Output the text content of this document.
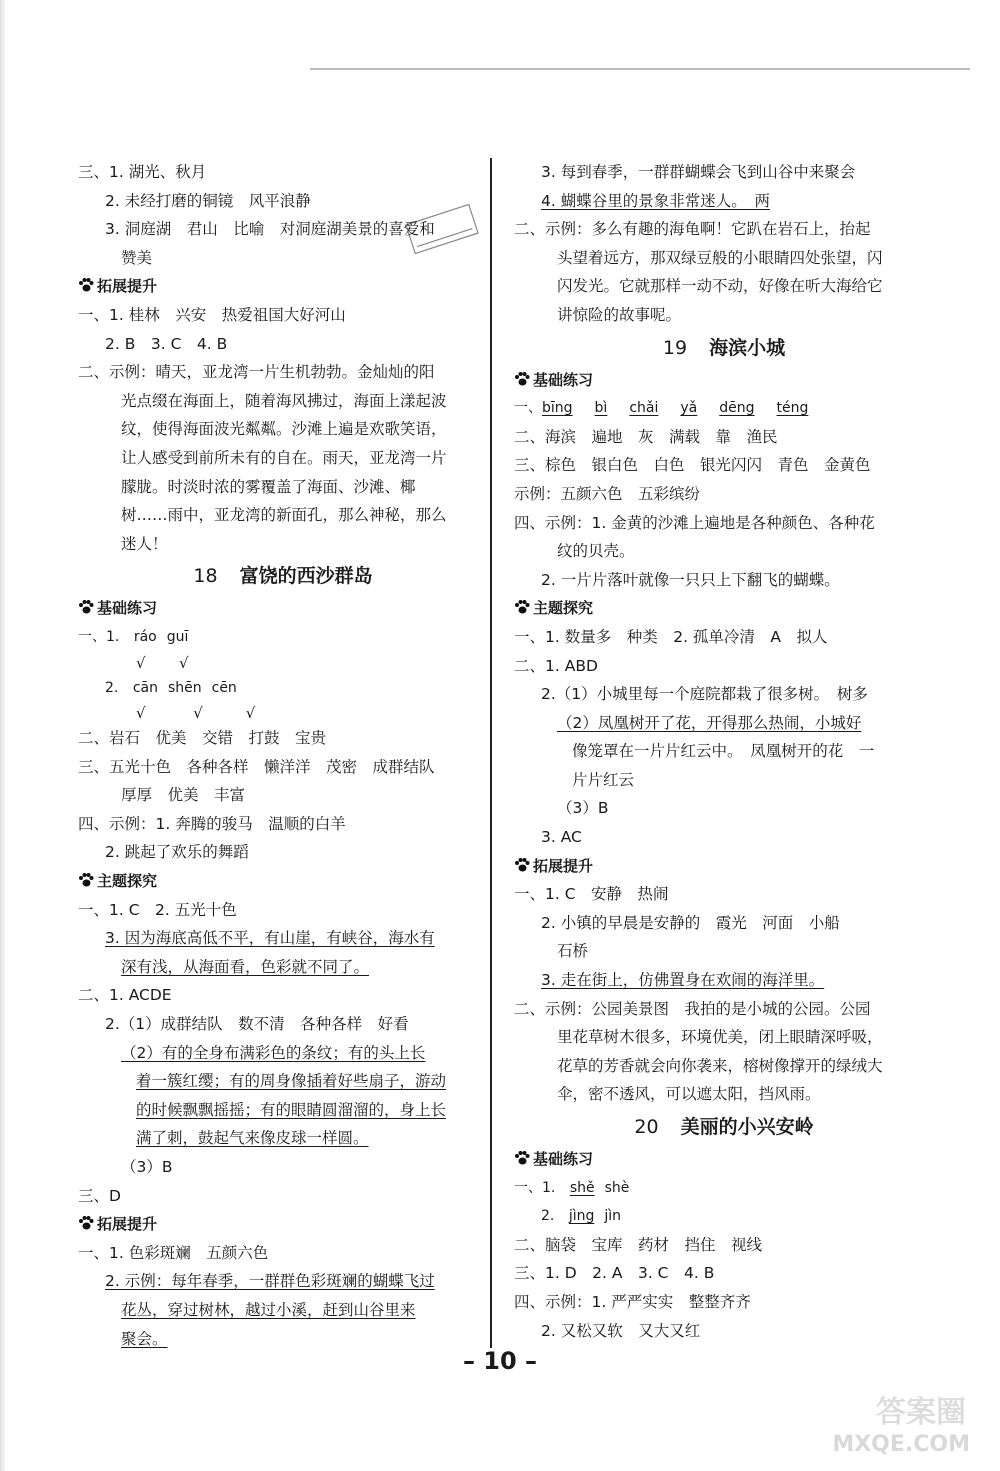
三、1. 湖光、秋月
2. 未经打磨的铜镜　风平浪静
3. 洞庭湖　君山　比喻　对洞庭湖美景的喜爱和
赞美
拓展提升
一、1. 桂林　兴安　热爱祖国大好河山
2. B　3. C　4. B
二、示例：晴天，亚龙湾一片生机勃勃。金灿灿的阳
光点缀在海面上，随着海风拂过，海面上漾起波
纹，使得海面波光粼粼。沙滩上遍是欢歌笑语，
让人感受到前所未有的自在。雨天，亚龙湾一片
朦胧。时淡时浓的雾覆盖了海面、沙滩、椰
树……雨中，亚龙湾的新面孔，那么神秘，那么
迷人！
18 富饶的西沙群岛
基础练习
一、1. ráo guī
√ √
2. cān shēn cēn
√	√	√
二、岩石　优美　交错　打鼓　宝贵
三、五光十色　各种各样　懒洋洋　茂密　成群结队
厚厚　优美　丰富
四、示例：1. 奔腾的骏马　温顺的白羊
2. 跳起了欢乐的舞蹈
主题探究
一、1. C　2. 五光十色
3. 因为海底高低不平，有山崖，有峡谷，海水有
深有浅，从海面看，色彩就不同了。
二、1. ACDE
2.（1）成群结队　数不清　各种各样　好看
（2）有的全身布满彩色的条纹；有的头上长
着一簇红缨；有的周身像插着好些扇子，游动
的时候飘飘摇摇；有的眼睛圆溜溜的，身上长
满了刺，鼓起气来像皮球一样圆。
（3）B
三、D
拓展提升
一、1. 色彩斑斓　五颜六色
2. 示例：每年春季，一群群色彩斑斓的蝴蝶飞过
花丛，穿过树林，越过小溪，赶到山谷里来
聚会。
3. 每到春季，一群群蝴蝶会飞到山谷中来聚会
4. 蝴蝶谷里的景象非常迷人。　两
二、示例：多么有趣的海龟啊！它趴在岩石上，抬起
头望着远方，那双绿豆般的小眼睛四处张望，闪
闪发光。它就那样一动不动，好像在听大海给它
讲惊险的故事呢。
19 海滨小城
基础练习
一、bīng bì chǎi yǎ dēng téng
二、海滨　遍地　灰　满载　靠　渔民
三、棕色　银白色　白色　银光闪闪　青色　金黄色
示例：五颜六色　五彩缤纷
四、示例：1. 金黄的沙滩上遍地是各种颜色、各种花
纹的贝壳。
2. 一片片落叶就像一只只上下翻飞的蝴蝶。
主题探究
一、1. 数量多　种类　2. 孤单冷清　A　拟人
二、1. ABD
2.（1）小城里每一个庭院都栽了很多树。　树多
（2）凤凰树开了花，开得那么热闹，小城好
像笼罩在一片片红云中。　凤凰树开的花　一
片片红云
（3）B
3. AC
拓展提升
一、1. C　安静　热闹
2. 小镇的早晨是安静的　霞光　河面　小船
石桥
3. 走在街上，仿佛置身在欢闹的海洋里。
二、示例：公园美景图　我拍的是小城的公园。公园
里花草树木很多，环境优美，闭上眼睛深呼吸，
花草的芳香就会向你袭来，榕树像撑开的绿绒大
伞，密不透风，可以遮太阳，挡风雨。
20 美丽的小兴安岭
基础练习
一、1. shě shè
2. jìng jìn
二、脑袋　宝库　药材　挡住　视线
三、1. D　2. A　3. C　4. B
四、示例：1. 严严实实　整整齐齐
2. 又松又软　又大又红
– 10 –
答案圈
MXQE.COM
